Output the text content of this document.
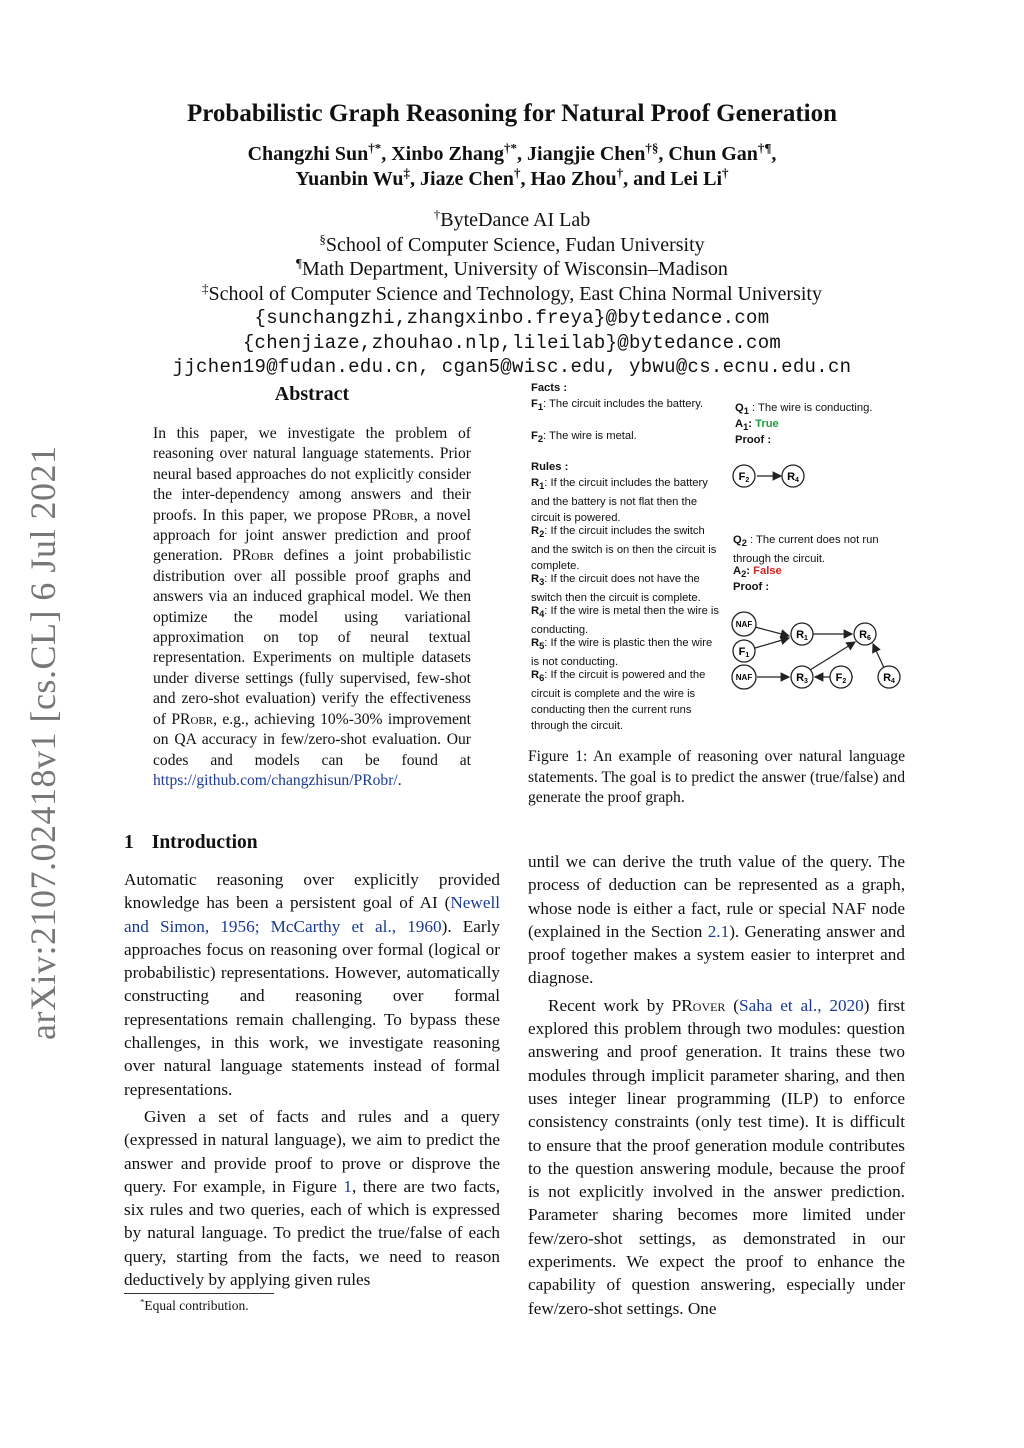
arXiv:2107.02418v1 [cs.CL] 6 Jul 2021
Probabilistic Graph Reasoning for Natural Proof Generation
Changzhi Sun†*, Xinbo Zhang†*, Jiangjie Chen†§, Chun Gan†¶,
Yuanbin Wu‡, Jiaze Chen†, Hao Zhou†, and Lei Li†
†ByteDance AI Lab
§School of Computer Science, Fudan University
¶Math Department, University of Wisconsin–Madison
‡School of Computer Science and Technology, East China Normal University
{sunchangzhi,zhangxinbo.freya}@bytedance.com
{chenjiaze,zhouhao.nlp,lileilab}@bytedance.com
jjchen19@fudan.edu.cn, cgan5@wisc.edu, ybwu@cs.ecnu.edu.cn
Abstract
In this paper, we investigate the problem of reasoning over natural language statements. Prior neural based approaches do not explicitly consider the inter-dependency among answers and their proofs. In this paper, we propose PRobr, a novel approach for joint answer prediction and proof generation. PRobr defines a joint probabilistic distribution over all possible proof graphs and answers via an induced graphical model. We then optimize the model using variational approximation on top of neural textual representation. Experiments on multiple datasets under diverse settings (fully supervised, few-shot and zero-shot evaluation) verify the effectiveness of PRobr, e.g., achieving 10%-30% improvement on QA accuracy in few/zero-shot evaluation. Our codes and models can be found at https://github.com/changzhisun/PRobr/.
Facts :
$F_1$: The circuit includes the battery.
$F_2$: The wire is metal.
Rules :
$R_1$: If the circuit includes the battery and the battery is not flat then the circuit is powered.
$R_2$: If the circuit includes the switch and the switch is on then the circuit is complete.
$R_3$: If the circuit does not have the switch then the circuit is complete.
$R_4$: If the wire is metal then the wire is conducting.
$R_5$: If the wire is plastic then the wire is not conducting.
$R_6$: If the circuit is powered and the circuit is complete and the wire is conducting then the current runs through the circuit.
$Q_1$ : The wire is conducting.
$A_1$: True
Proof :
$Q_2$ : The current does not run through the circuit.
$A_2$: False
Proof :
F2	R4
NAF
F1
NAF
R1
R3	F2
R6
R4
Figure 1: An example of reasoning over natural language statements. The goal is to predict the answer (true/false) and generate the proof graph.
1 Introduction

Automatic reasoning over explicitly provided knowledge has been a persistent goal of AI (Newell and Simon, 1956; McCarthy et al., 1960). Early approaches focus on reasoning over formal (logical or probabilistic) representations. However, automatically constructing and reasoning over formal representations remain challenging. To bypass these challenges, in this work, we investigate reasoning over natural language statements instead of formal representations.

Given a set of facts and rules and a query (expressed in natural language), we aim to predict the answer and provide proof to prove or disprove the query. For example, in Figure 1, there are two facts, six rules and two queries, each of which is expressed by natural language. To predict the true/false of each query, starting from the facts, we need to reason deductively by applying given rules

*Equal contribution.

until we can derive the truth value of the query. The process of deduction can be represented as a graph, whose node is either a fact, rule or special NAF node (explained in the Section 2.1). Generating answer and proof together makes a system easier to interpret and diagnose.

Recent work by PRover (Saha et al., 2020) first explored this problem through two modules: question answering and proof generation. It trains these two modules through implicit parameter sharing, and then uses integer linear programming (ILP) to enforce consistency constraints (only test time). It is difficult to ensure that the proof generation module contributes to the question answering module, because the proof is not explicitly involved in the answer prediction. Parameter sharing becomes more limited under few/zero-shot settings, as demonstrated in our experiments. We expect the proof to enhance the capability of question answering, especially under few/zero-shot settings. One
